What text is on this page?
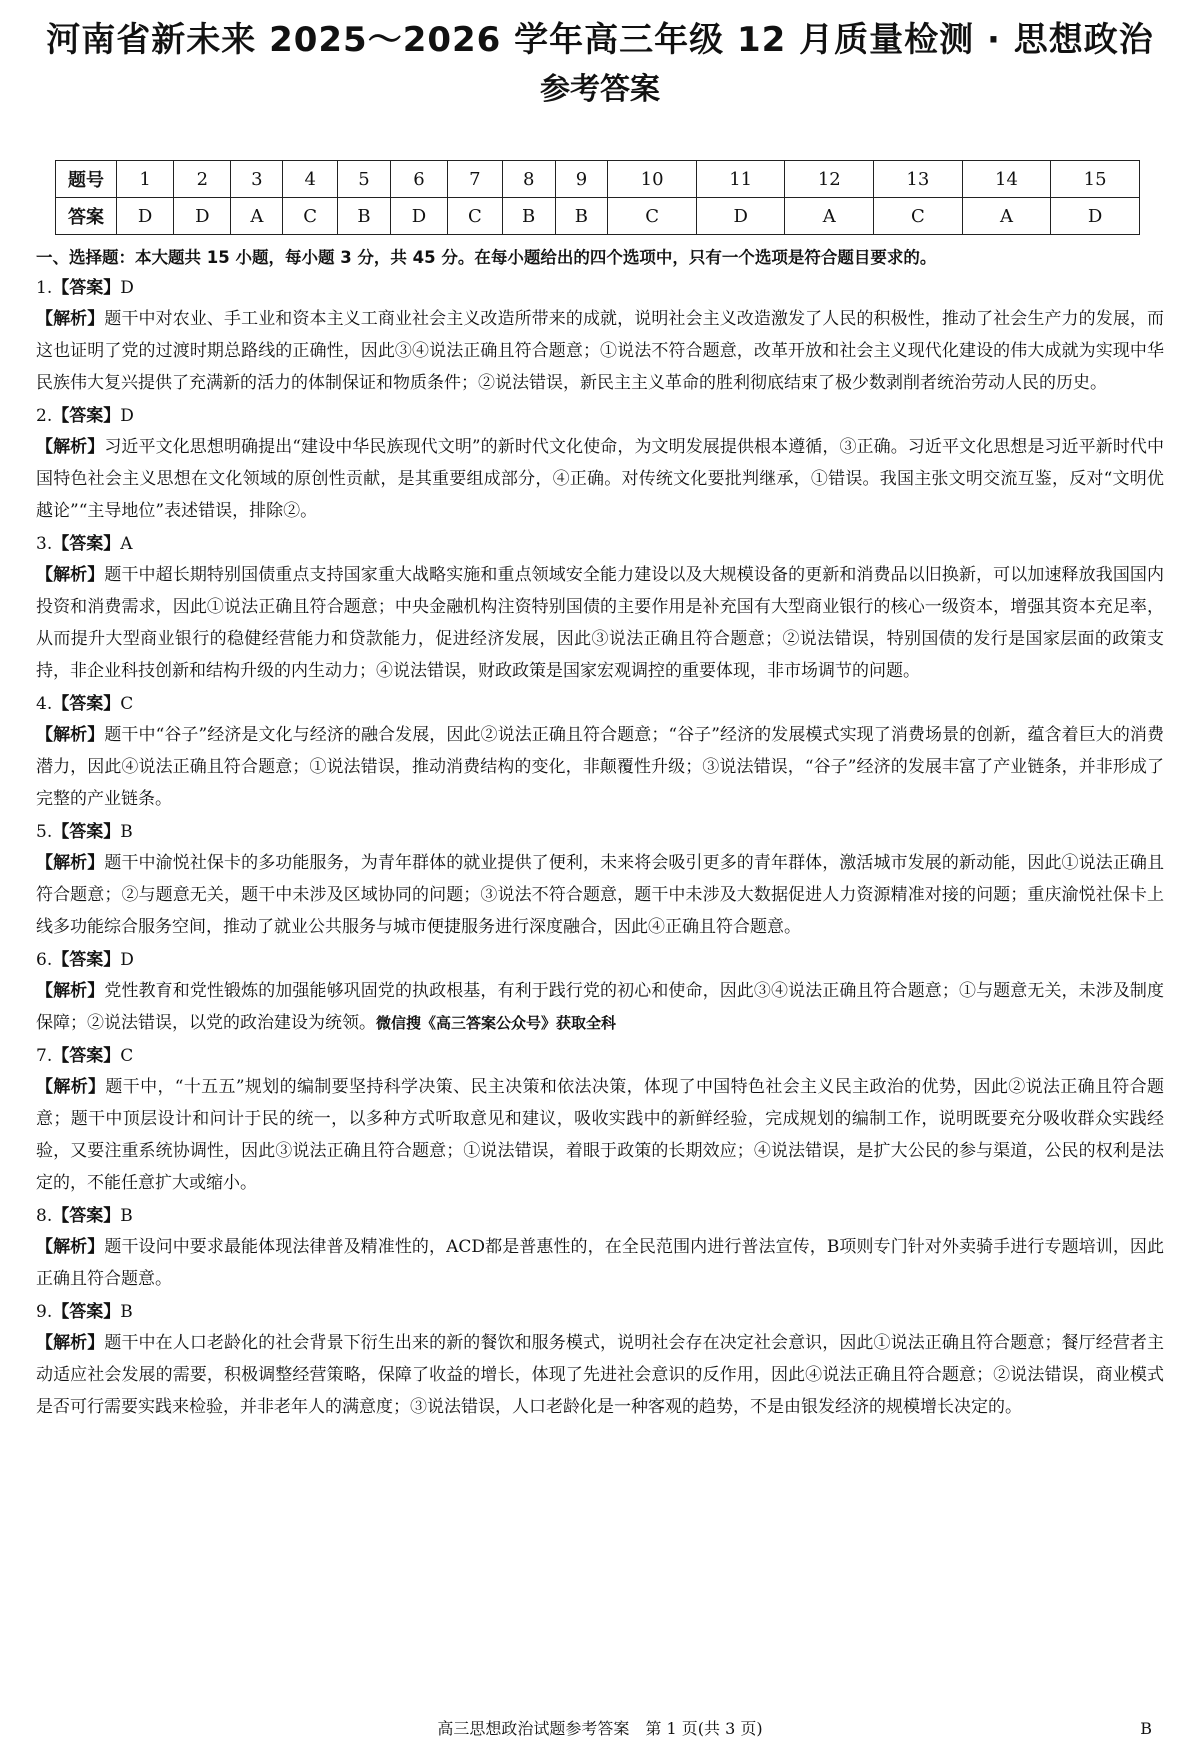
河南省新未来 2025～2026 学年高三年级 12 月质量检测 · 思想政治
参考答案
题号	1	2	3	4	5	6	7	8	9	10	11	12	13	14	15
答案	D	D	A	C	B	D	C	B	B	C	D	A	C	A	D

一、选择题：本大题共 15 小题，每小题 3 分，共 45 分。在每小题给出的四个选项中，只有一个选项是符合题目要求的。

1.【答案】D

【解析】题干中对农业、手工业和资本主义工商业社会主义改造所带来的成就，说明社会主义改造激发了人民的积极性，推动了社会生产力的发展，而这也证明了党的过渡时期总路线的正确性，因此③④说法正确且符合题意；①说法不符合题意，改革开放和社会主义现代化建设的伟大成就为实现中华民族伟大复兴提供了充满新的活力的体制保证和物质条件；②说法错误，新民主主义革命的胜利彻底结束了极少数剥削者统治劳动人民的历史。

2.【答案】D

【解析】习近平文化思想明确提出“建设中华民族现代文明”的新时代文化使命，为文明发展提供根本遵循，③正确。习近平文化思想是习近平新时代中国特色社会主义思想在文化领域的原创性贡献，是其重要组成部分，④正确。对传统文化要批判继承，①错误。我国主张文明交流互鉴，反对“文明优越论”“主导地位”表述错误，排除②。

3.【答案】A

【解析】题干中超长期特别国债重点支持国家重大战略实施和重点领域安全能力建设以及大规模设备的更新和消费品以旧换新，可以加速释放我国国内投资和消费需求，因此①说法正确且符合题意；中央金融机构注资特别国债的主要作用是补充国有大型商业银行的核心一级资本，增强其资本充足率，从而提升大型商业银行的稳健经营能力和贷款能力，促进经济发展，因此③说法正确且符合题意；②说法错误，特别国债的发行是国家层面的政策支持，非企业科技创新和结构升级的内生动力；④说法错误，财政政策是国家宏观调控的重要体现，非市场调节的问题。

4.【答案】C

【解析】题干中“谷子”经济是文化与经济的融合发展，因此②说法正确且符合题意；“谷子”经济的发展模式实现了消费场景的创新，蕴含着巨大的消费潜力，因此④说法正确且符合题意；①说法错误，推动消费结构的变化，非颠覆性升级；③说法错误，“谷子”经济的发展丰富了产业链条，并非形成了完整的产业链条。

5.【答案】B

【解析】题干中渝悦社保卡的多功能服务，为青年群体的就业提供了便利，未来将会吸引更多的青年群体，激活城市发展的新动能，因此①说法正确且符合题意；②与题意无关，题干中未涉及区域协同的问题；③说法不符合题意，题干中未涉及大数据促进人力资源精准对接的问题；重庆渝悦社保卡上线多功能综合服务空间，推动了就业公共服务与城市便捷服务进行深度融合，因此④正确且符合题意。

6.【答案】D

【解析】党性教育和党性锻炼的加强能够巩固党的执政根基，有利于践行党的初心和使命，因此③④说法正确且符合题意；①与题意无关，未涉及制度保障；②说法错误，以党的政治建设为统领。微信搜《高三答案公众号》获取全科

7.【答案】C

【解析】题干中，“十五五”规划的编制要坚持科学决策、民主决策和依法决策，体现了中国特色社会主义民主政治的优势，因此②说法正确且符合题意；题干中顶层设计和问计于民的统一，以多种方式听取意见和建议，吸收实践中的新鲜经验，完成规划的编制工作，说明既要充分吸收群众实践经验，又要注重系统协调性，因此③说法正确且符合题意；①说法错误，着眼于政策的长期效应；④说法错误，是扩大公民的参与渠道，公民的权利是法定的，不能任意扩大或缩小。

8.【答案】B

【解析】题干设问中要求最能体现法律普及精准性的，ACD都是普惠性的，在全民范围内进行普法宣传，B项则专门针对外卖骑手进行专题培训，因此正确且符合题意。

9.【答案】B

【解析】题干中在人口老龄化的社会背景下衍生出来的新的餐饮和服务模式，说明社会存在决定社会意识，因此①说法正确且符合题意；餐厅经营者主动适应社会发展的需要，积极调整经营策略，保障了收益的增长，体现了先进社会意识的反作用，因此④说法正确且符合题意；②说法错误，商业模式是否可行需要实践来检验，并非老年人的满意度；③说法错误，人口老龄化是一种客观的趋势，不是由银发经济的规模增长决定的。

高三思想政治试题参考答案　第 1 页(共 3 页)	B
